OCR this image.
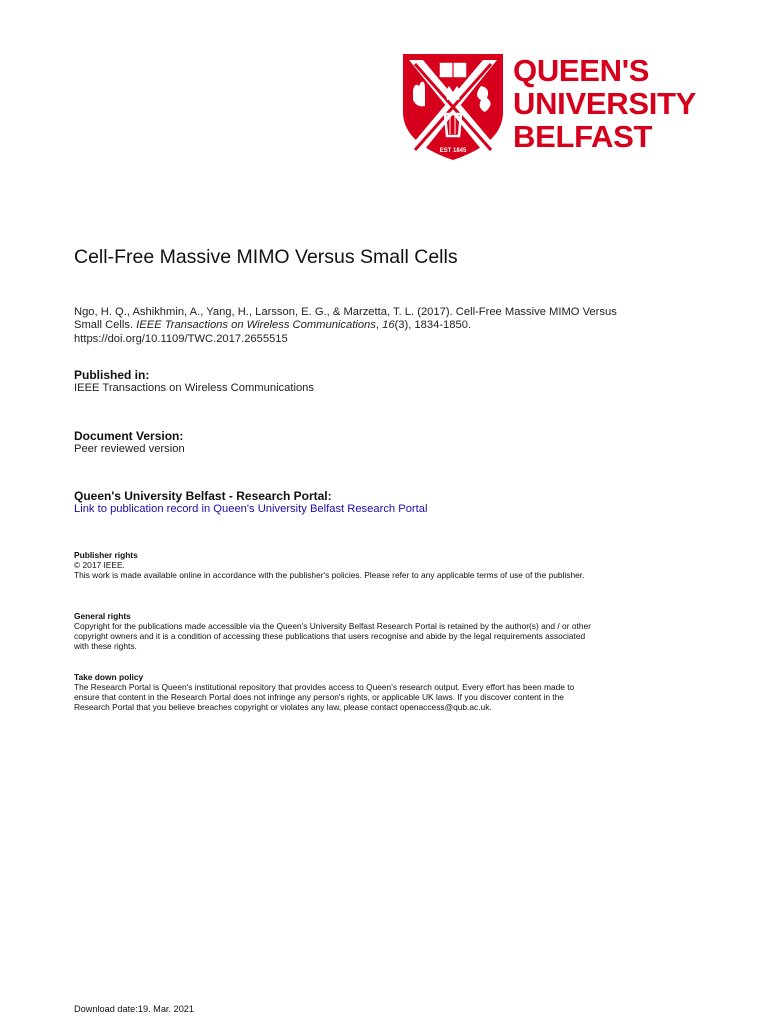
EST 1845
QUEEN'S
UNIVERSITY
BELFAST
Cell-Free Massive MIMO Versus Small Cells
Ngo, H. Q., Ashikhmin, A., Yang, H., Larsson, E. G., & Marzetta, T. L. (2017). Cell-Free Massive MIMO Versus
Small Cells. IEEE Transactions on Wireless Communications, 16(3), 1834-1850.
https://doi.org/10.1109/TWC.2017.2655515
Published in:
IEEE Transactions on Wireless Communications
Document Version:
Peer reviewed version
Queen's University Belfast - Research Portal:
Link to publication record in Queen's University Belfast Research Portal
Publisher rights
© 2017 IEEE.
This work is made available online in accordance with the publisher's policies. Please refer to any applicable terms of use of the publisher.
General rights
Copyright for the publications made accessible via the Queen's University Belfast Research Portal is retained by the author(s) and / or other
copyright owners and it is a condition of accessing these publications that users recognise and abide by the legal requirements associated
with these rights.
Take down policy
The Research Portal is Queen's institutional repository that provides access to Queen's research output. Every effort has been made to
ensure that content in the Research Portal does not infringe any person's rights, or applicable UK laws. If you discover content in the
Research Portal that you believe breaches copyright or violates any law, please contact openaccess@qub.ac.uk.
Download date:19. Mar. 2021
